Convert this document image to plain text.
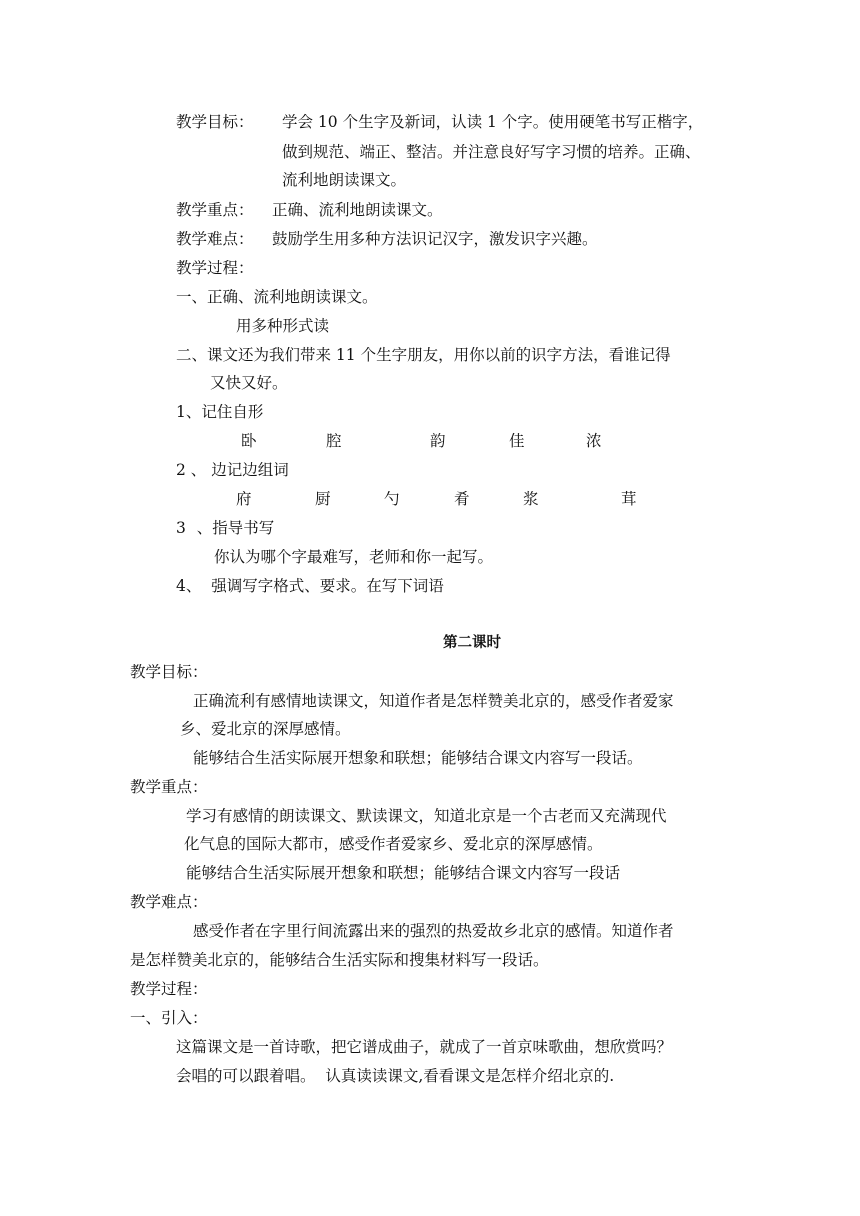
教学目标： 学会 10 个生字及新词，认读 1 个字。使用硬笔书写正楷字，
做到规范、端正、整洁。并注意良好写字习惯的培养。正确、
流利地朗读课文。
教学重点： 正确、流利地朗读课文。
教学难点： 鼓励学生用多种方法识记汉字，激发识字兴趣。
教学过程：
一、正确、流利地朗读课文。
用多种形式读
二、课文还为我们带来 11 个生字朋友，用你以前的识字方法，看谁记得
又快又好。
1、记住自形
卧	腔	韵	佳	浓
2 、 边记边组词
府	厨	勺	肴	浆	茸
3 、指导书写
你认为哪个字最难写，老师和你一起写。
4、  强调写字格式、要求。在写下词语
第二课时
教学目标：
正确流利有感情地读课文，知道作者是怎样赞美北京的，感受作者爱家
乡、爱北京的深厚感情。
能够结合生活实际展开想象和联想；能够结合课文内容写一段话。
教学重点：
学习有感情的朗读课文、默读课文，知道北京是一个古老而又充满现代
化气息的国际大都市，感受作者爱家乡、爱北京的深厚感情。
能够结合生活实际展开想象和联想；能够结合课文内容写一段话
教学难点：
感受作者在字里行间流露出来的强烈的热爱故乡北京的感情。知道作者
是怎样赞美北京的，能够结合生活实际和搜集材料写一段话。
教学过程：
一、引入：
这篇课文是一首诗歌，把它谱成曲子，就成了一首京味歌曲，想欣赏吗？
会唱的可以跟着唱。  认真读读课文,看看课文是怎样介绍北京的.
